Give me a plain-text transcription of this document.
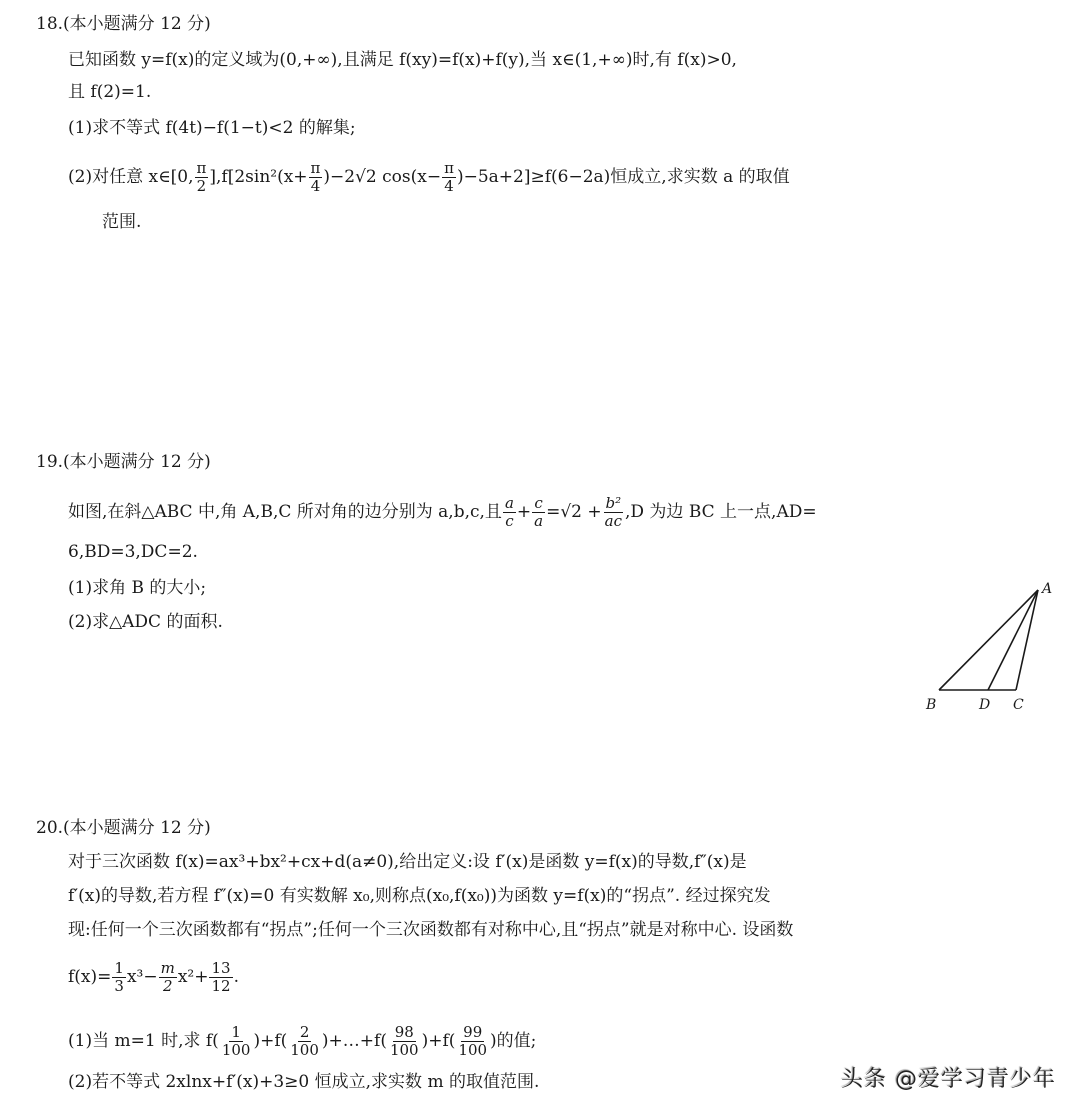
18.(本小题满分 12 分)
已知函数 y=f(x)的定义域为(0,+∞),且满足 f(xy)=f(x)+f(y),当 x∈(1,+∞)时,有 f(x)>0,
且 f(2)=1.
(1)求不等式 f(4t)−f(1−t)<2 的解集;
(2)对任意 x∈[0, $\frac{\pi}{2} ],f[2\sin^2(x+ \frac{\pi}{4} )-2√2$ $\cos(x- \frac{\pi}{4} )-5a+2]\ge f(6-2a)$恒成立,求实数 a 的取值
范围.
19.(本小题满分 12 分)
如图,在斜△ABC 中,角 A,B,C 所对角的边分别为 a,b,c,且 $\frac{a}{c} + \frac{c}{a} =√2 + \frac{\text{b²}}{ac} ,D$ 为边 BC 上一点,AD=
6,BD=3,DC=2.
(1)求角 B 的大小;
(2)求△ADC 的面积.
A
B	D C
20.(本小题满分 12 分)
对于三次函数 f(x)=ax³+bx²+cx+d(a≠0),给出定义:设 f′(x)是函数 y=f(x)的导数,f″(x)是
f′(x)的导数,若方程 f″(x)=0 有实数解 x₀,则称点(x₀,f(x₀))为函数 y=f(x)的“拐点”. 经过探究发
现:任何一个三次函数都有“拐点”;任何一个三次函数都有对称中心,且“拐点”就是对称中心. 设函数
$f(x)= \frac{1}{3} x^3- \frac{m}{2} x^2+ \frac{13}{12}$ .
(1)当 m=1 时,求 $f( \frac{1}{100} )+f( \frac{2}{100}$ )+…+f( $\frac{98}{100} )+f( \frac{99}{100}$ )的值;
(2)若不等式 2xlnx+f′(x)+3≥0 恒成立,求实数 m 的取值范围.	头条 @爱学习青少年
